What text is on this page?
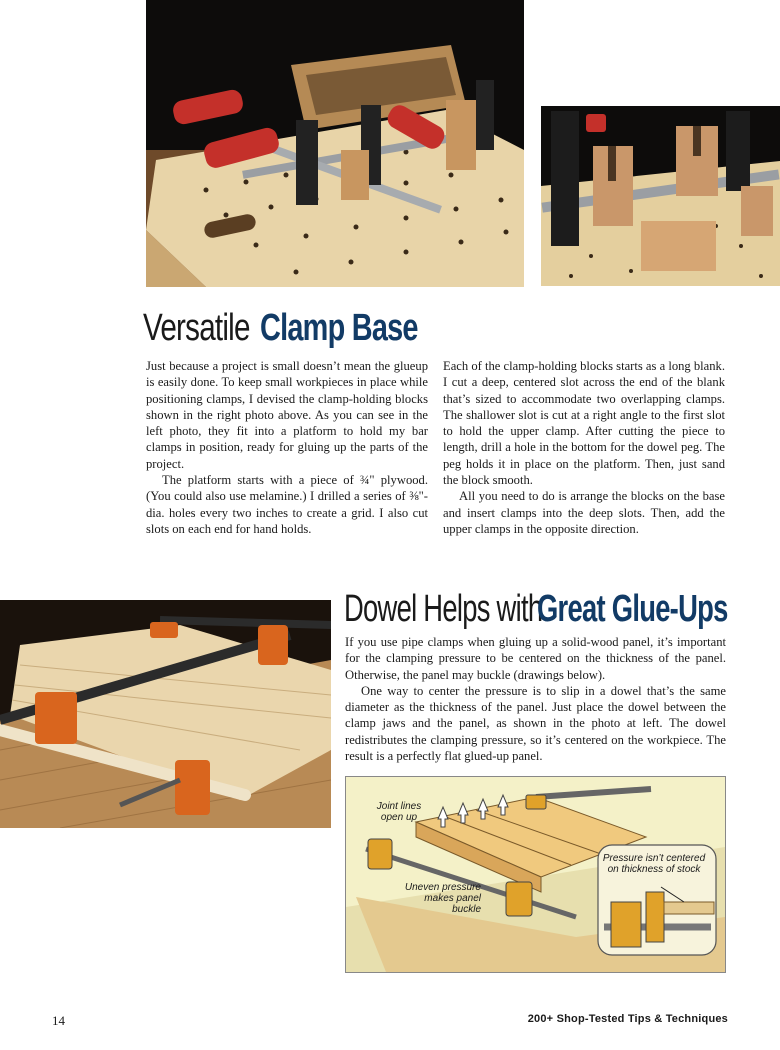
Versatile Clamp Base

Just because a project is small doesn’t mean the glueup is easily done. To keep small workpieces in place while positioning clamps, I devised the clamp-holding blocks shown in the right photo above. As you can see in the left photo, they fit into a platform to hold my bar clamps in position, ready for gluing up the parts of the project.

The platform starts with a piece of ¾" plywood. (You could also use melamine.) I drilled a series of ⅜"-dia. holes every two inches to create a grid. I also cut slots on each end for hand holds.

Each of the clamp-holding blocks starts as a long blank. I cut a deep, centered slot across the end of the blank that’s sized to accommodate two overlapping clamps. The shallower slot is cut at a right angle to the first slot to hold the upper clamp. After cutting the piece to length, drill a hole in the bottom for the dowel peg. The peg holds it in place on the platform. Then, just sand the block smooth.

All you need to do is arrange the blocks on the base and insert clamps into the deep slots. Then, add the upper clamps in the opposite direction.

Dowel Helps withGreat Glue-Ups

If you use pipe clamps when gluing up a solid-wood panel, it’s important for the clamping pressure to be centered on the thickness of the panel. Otherwise, the panel may buckle (drawings below).

One way to center the pressure is to slip in a dowel that’s the same diameter as the thickness of the panel. Just place the dowel between the clamp jaws and the panel, as shown in the photo at left. The dowel redistributes the clamping pressure, so it’s centered on the workpiece. The result is a perfectly flat glued-up panel.

Joint lines open up
Uneven pressure makes panel buckle
Pressure isn’t centered on thickness of stock
14	200+ Shop-Tested Tips & Techniques
